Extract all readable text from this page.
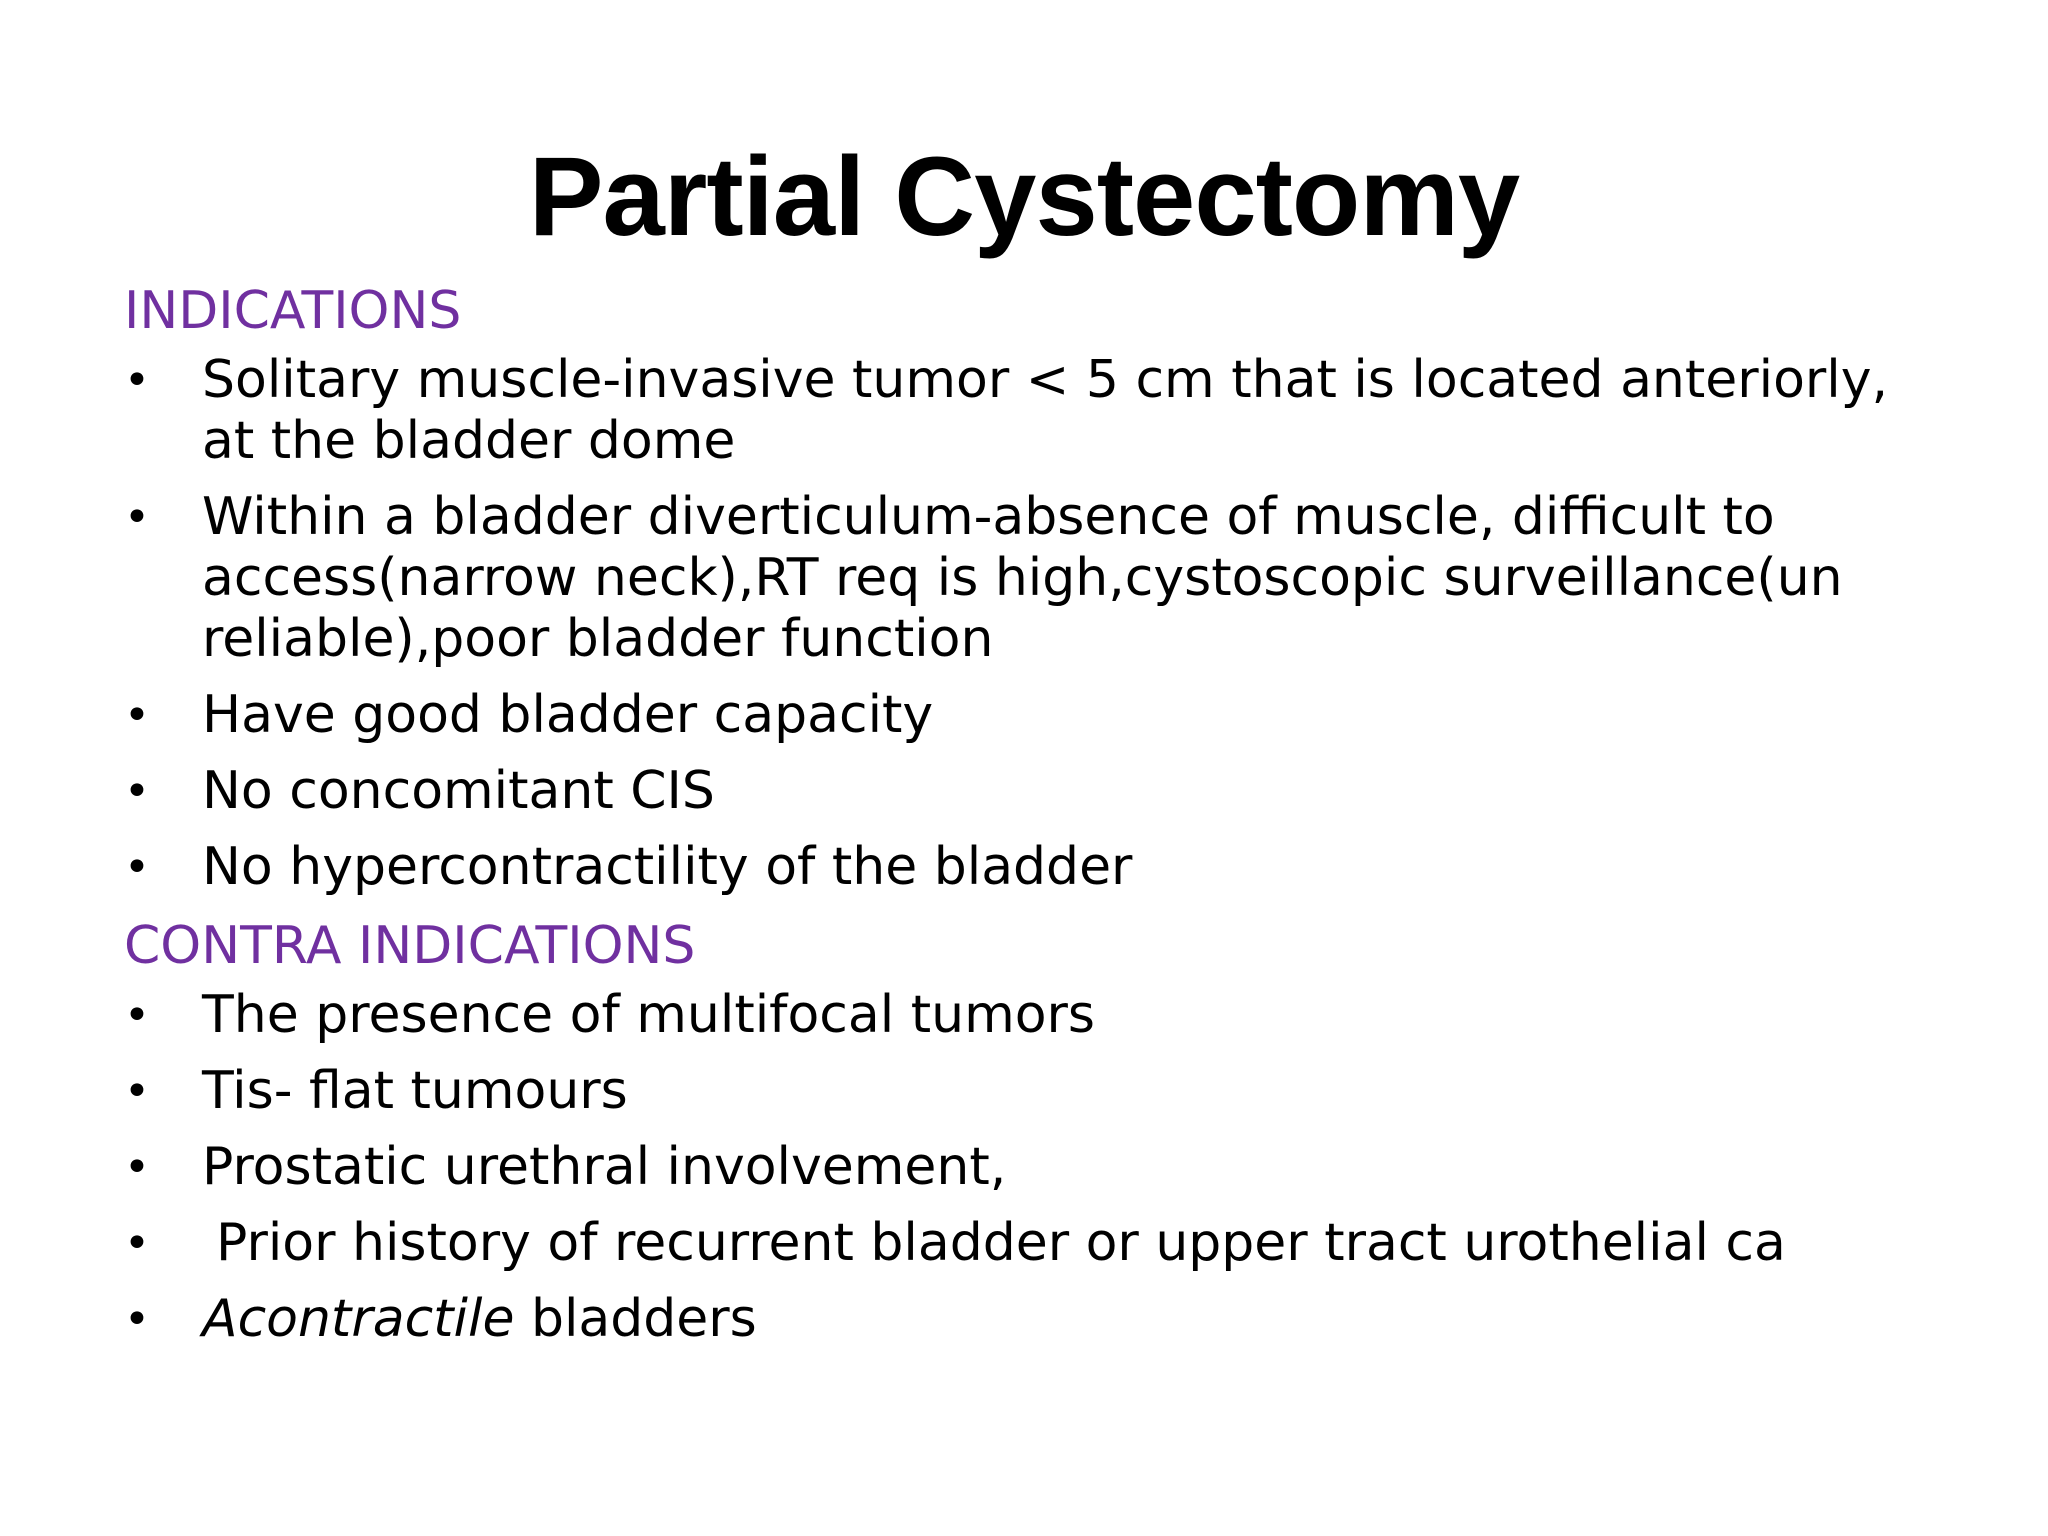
Partial Cystectomy
INDICATIONS
• Solitary muscle-invasive tumor < 5 cm that is located anteriorly, at the bladder dome
• Within a bladder diverticulum-absence of muscle, difficult to access(narrow neck),RT req is high,cystoscopic surveillance(un reliable),poor bladder function
• Have good bladder capacity
• No concomitant CIS
• No hypercontractility of the bladder
CONTRA INDICATIONS
• The presence of multifocal tumors
• Tis- flat tumours
• Prostatic urethral involvement,
• Prior history of recurrent bladder or upper tract urothelial ca
• Acontractile bladders
